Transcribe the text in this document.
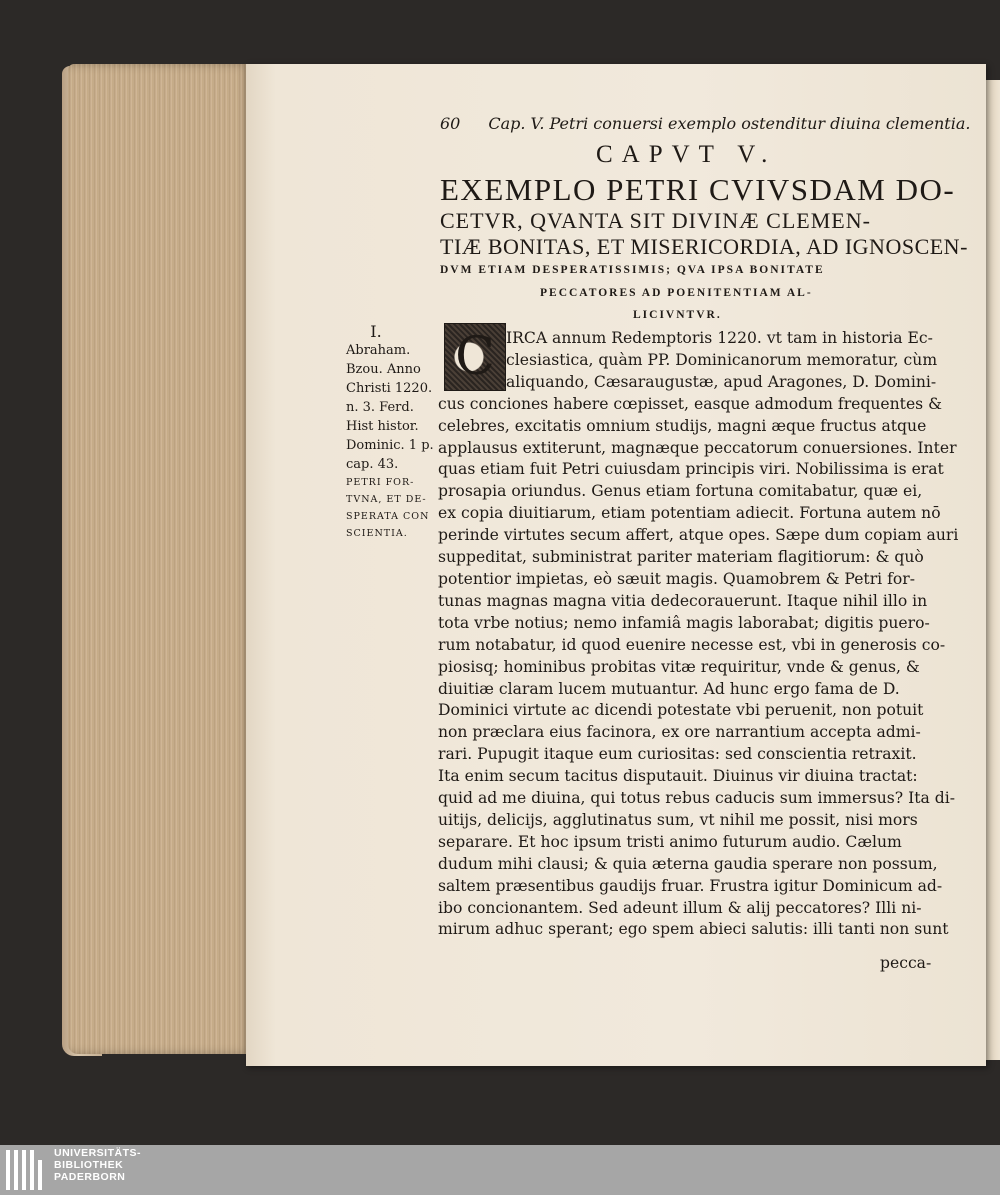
60 Cap. V. Petri conuersi exemplo ostenditur diuina clementia.
CAPVT V.
EXEMPLO PETRI CVIVSDAM DO-
CETVR, QVANTA SIT DIVINÆ CLEMEN-
TIÆ BONITAS, ET MISERICORDIA, AD IGNOSCEN-
DVM ETIAM DESPERATISSIMIS; QVA IPSA BONITATE
PECCATORES AD POENITENTIAM AL-
LICIVNTVR.
I.
Abraham.
Bzou. Anno
Christi 1220.
n. 3. Ferd.
Hist histor.
Dominic. 1 p.
cap. 43.
PETRI FOR-
TVNA, ET DE-
SPERATA CON
SCIENTIA.
C IRCA annum Redemptoris 1220. vt tam in historia Ec-
clesiastica, quàm PP. Dominicanorum memoratur, cùm
aliquando, Cæsaraugustæ, apud Aragones, D. Domini-
cus conciones habere cœpisset, easque admodum frequentes &
celebres, excitatis omnium studijs, magni æque fructus atque
applausus extiterunt, magnæque peccatorum conuersiones. Inter
quas etiam fuit Petri cuiusdam principis viri. Nobilissima is erat
prosapia oriundus. Genus etiam fortuna comitabatur, quæ ei,
ex copia diuitiarum, etiam potentiam adiecit. Fortuna autem nō
perinde virtutes secum affert, atque opes. Sæpe dum copiam auri
suppeditat, subministrat pariter materiam flagitiorum: & quò
potentior impietas, eò sæuit magis. Quamobrem & Petri for-
tunas magnas magna vitia dedecorauerunt. Itaque nihil illo in
tota vrbe notius; nemo infamiâ magis laborabat; digitis puero-
rum notabatur, id quod euenire necesse est, vbi in generosis co-
piosisq; hominibus probitas vitæ requiritur, vnde & genus, &
diuitiæ claram lucem mutuantur. Ad hunc ergo fama de D.
Dominici virtute ac dicendi potestate vbi peruenit, non potuit
non præclara eius facinora, ex ore narrantium accepta admi-
rari. Pupugit itaque eum curiositas: sed conscientia retraxit.
Ita enim secum tacitus disputauit. Diuinus vir diuina tractat:
quid ad me diuina, qui totus rebus caducis sum immersus? Ita di-
uitijs, delicijs, agglutinatus sum, vt nihil me possit, nisi mors
separare. Et hoc ipsum tristi animo futurum audio. Cælum
dudum mihi clausi; & quia æterna gaudia sperare non possum,
saltem præsentibus gaudijs fruar. Frustra igitur Dominicum ad-
ibo concionantem. Sed adeunt illum & alij peccatores? Illi ni-
mirum adhuc sperant; ego spem abieci salutis: illi tanti non sunt
pecca-
UNIVERSITÄTS-
BIBLIOTHEK
PADERBORN
